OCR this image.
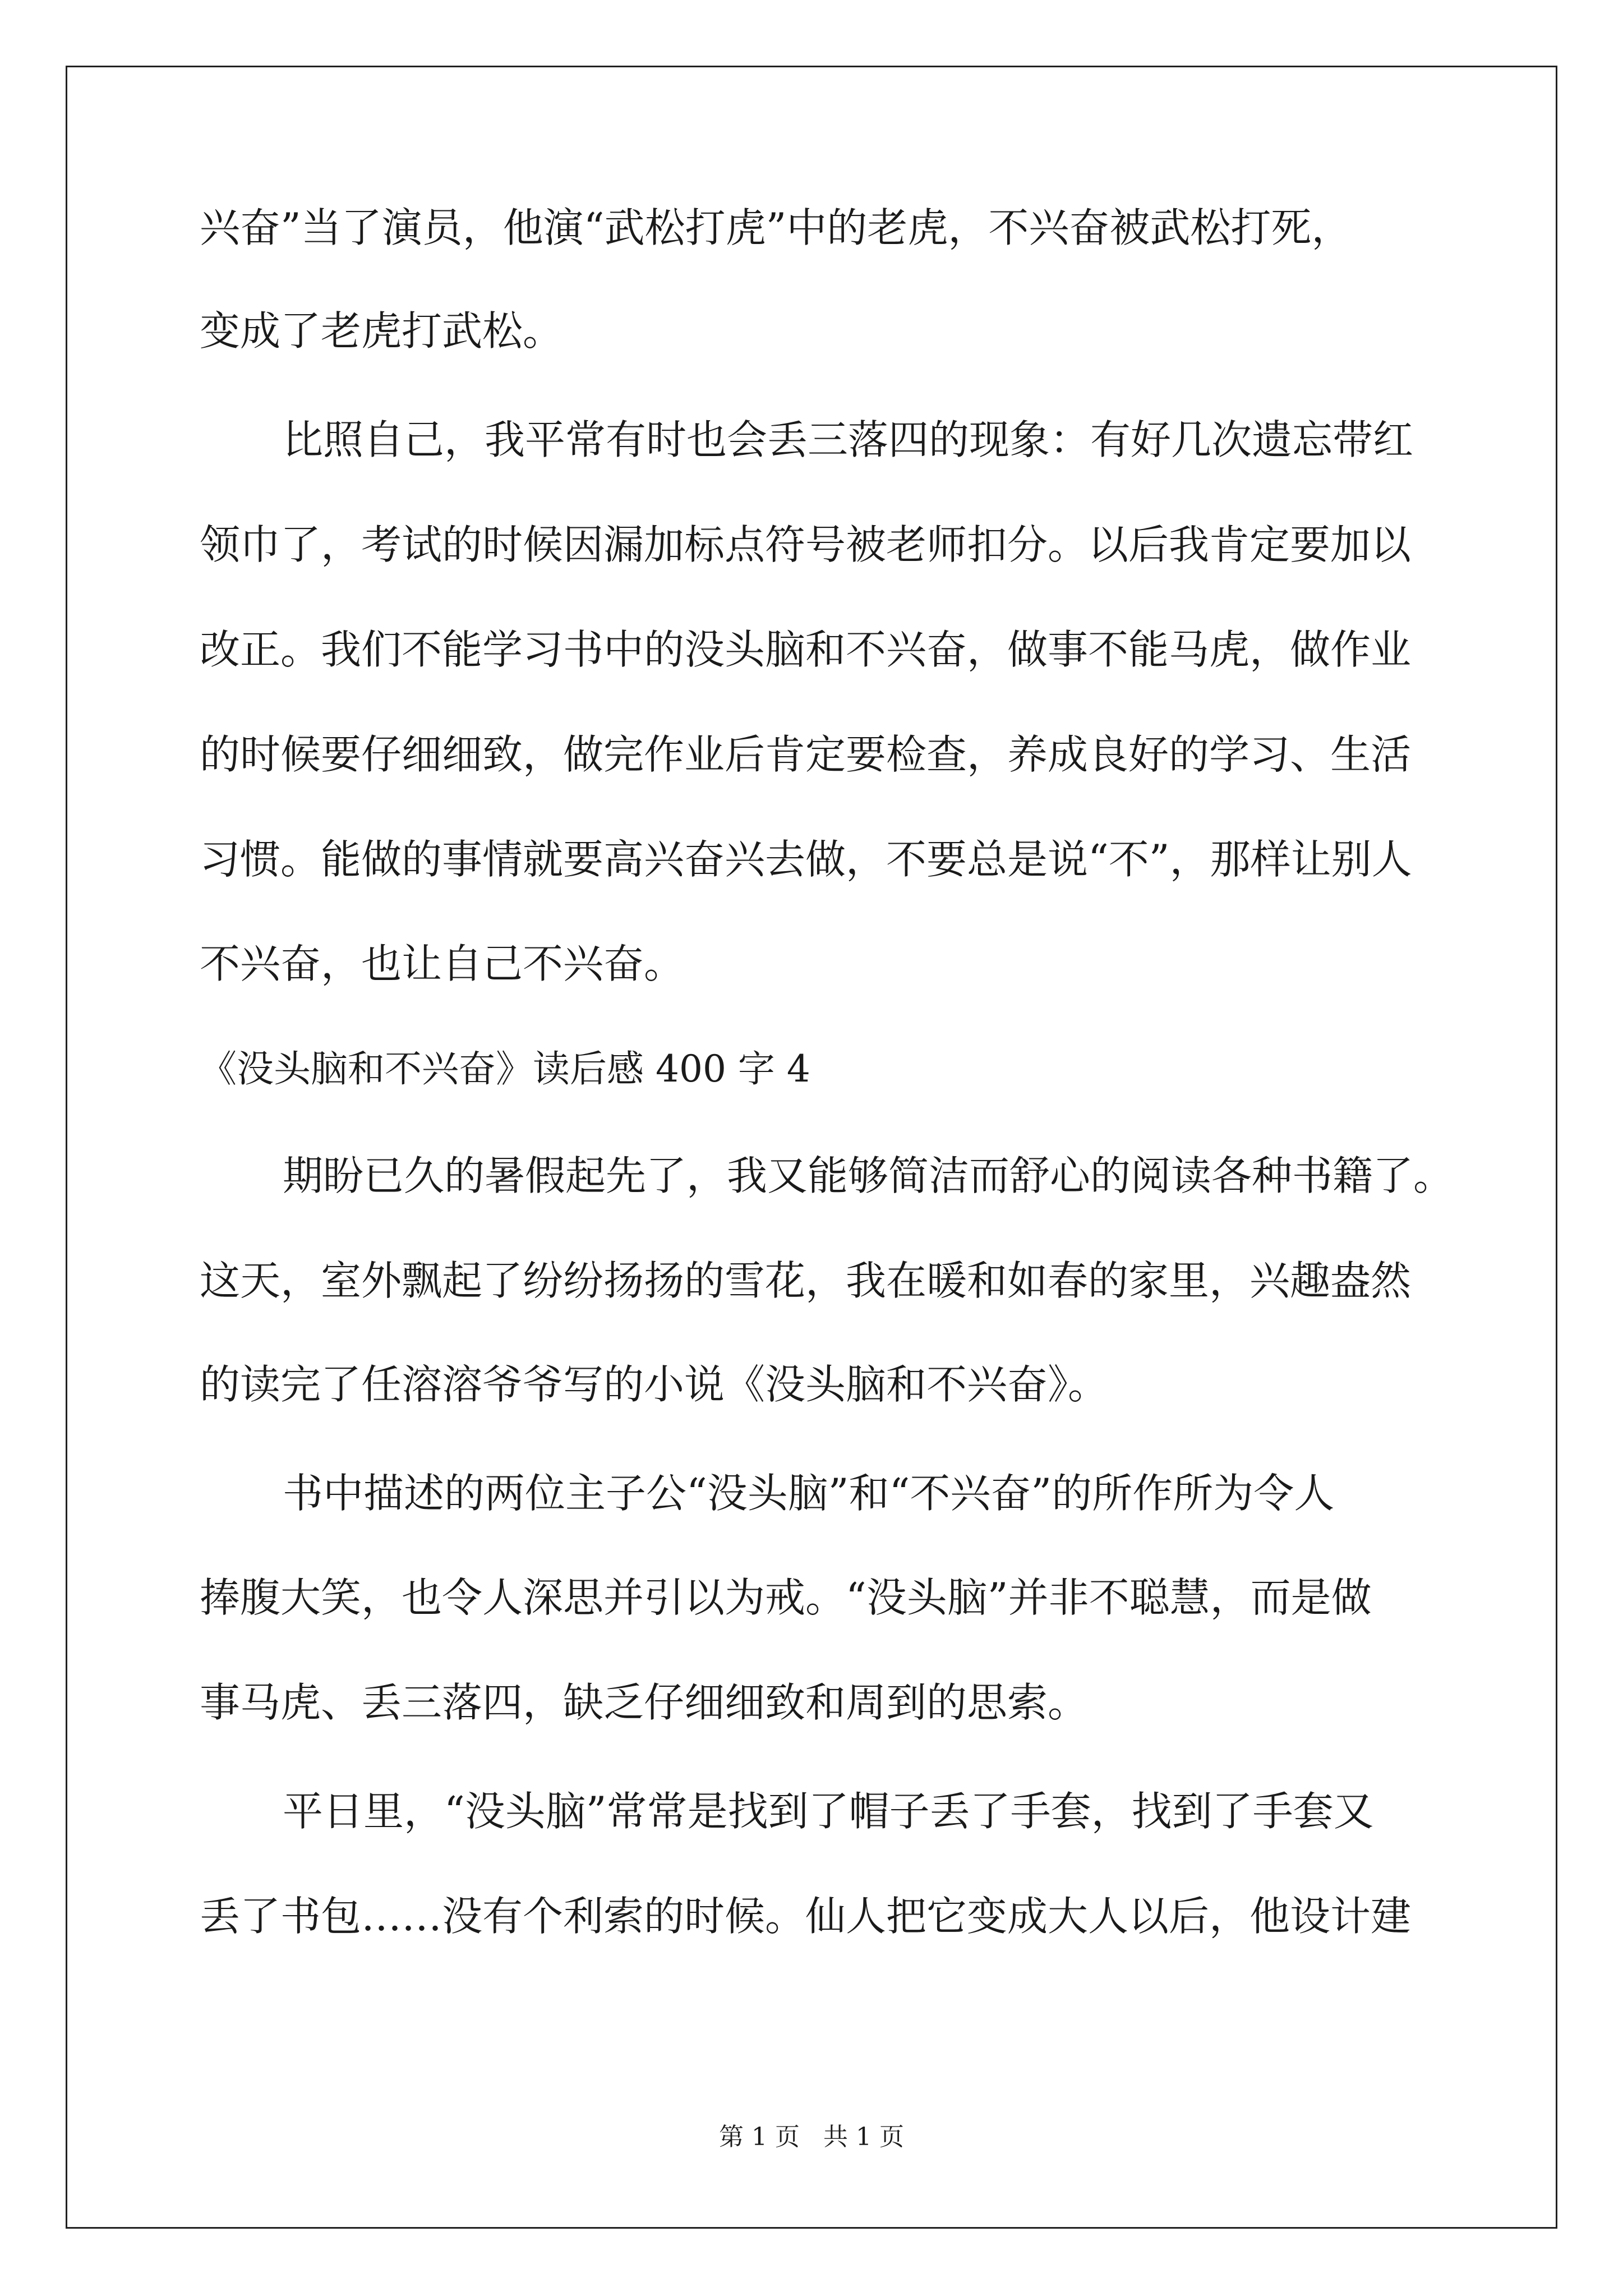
兴奋”当了演员，他演“武松打虎”中的老虎，不兴奋被武松打死，
变成了老虎打武松。
比照自己，我平常有时也会丢三落四的现象：有好几次遗忘带红
领巾了，考试的时候因漏加标点符号被老师扣分。以后我肯定要加以
改正。我们不能学习书中的没头脑和不兴奋，做事不能马虎，做作业
的时候要仔细细致，做完作业后肯定要检查，养成良好的学习、生活
习惯。能做的事情就要高兴奋兴去做，不要总是说“不”，那样让别人
不兴奋，也让自己不兴奋。
《没头脑和不兴奋》读后感 400 字 4
期盼已久的暑假起先了，我又能够简洁而舒心的阅读各种书籍了。
这天，室外飘起了纷纷扬扬的雪花，我在暖和如春的家里，兴趣盎然
的读完了任溶溶爷爷写的小说《没头脑和不兴奋》。
书中描述的两位主子公“没头脑”和“不兴奋”的所作所为令人
捧腹大笑，也令人深思并引以为戒。“没头脑”并非不聪慧，而是做
事马虎、丢三落四，缺乏仔细细致和周到的思索。
平日里，“没头脑”常常是找到了帽子丢了手套，找到了手套又
丢了书包……没有个利索的时候。仙人把它变成大人以后，他设计建
第 1 页   共 1 页
